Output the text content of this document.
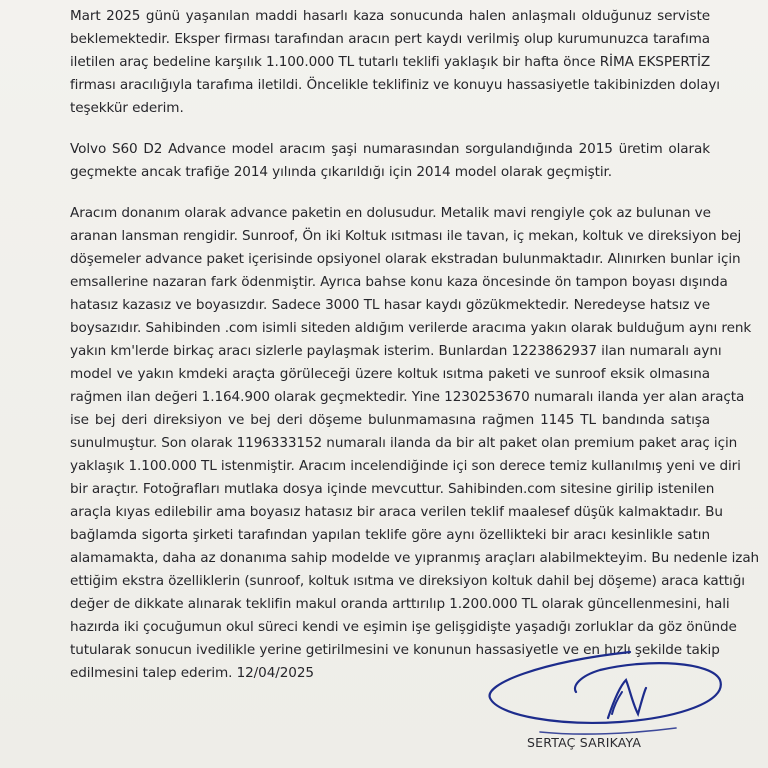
Mart 2025 günü yaşanılan maddi hasarlı kaza sonucunda halen anlaşmalı olduğunuz serviste
beklemektedir. Eksper firması tarafından aracın pert kaydı verilmiş olup kurumunuzca tarafıma
iletilen araç bedeline karşılık 1.100.000 TL tutarlı teklifi yaklaşık bir hafta önce RİMA EKSPERTİZ
firması aracılığıyla tarafıma iletildi. Öncelikle teklifiniz ve konuyu hassasiyetle takibinizden dolayı
teşekkür ederim.
Volvo S60 D2 Advance model aracım şaşi numarasından sorgulandığında 2015 üretim olarak
geçmekte ancak trafiğe 2014 yılında çıkarıldığı için 2014 model olarak geçmiştir.
Aracım donanım olarak advance paketin en dolusudur. Metalik mavi rengiyle çok az bulunan ve
aranan lansman rengidir. Sunroof, Ön iki Koltuk ısıtması ile tavan, iç mekan, koltuk ve direksiyon bej
döşemeler advance paket içerisinde opsiyonel olarak ekstradan bulunmaktadır. Alınırken bunlar için
emsallerine nazaran fark ödenmiştir. Ayrıca bahse konu kaza öncesinde ön tampon boyası dışında
hatasız kazasız ve boyasızdır. Sadece 3000 TL hasar kaydı gözükmektedir. Neredeyse hatsız ve
boysazıdır. Sahibinden .com isimli siteden aldığım verilerde aracıma yakın olarak bulduğum aynı renk
yakın km'lerde birkaç aracı sizlerle paylaşmak isterim. Bunlardan 1223862937 ilan numaralı aynı
model ve yakın kmdeki araçta görüleceği üzere koltuk ısıtma paketi ve sunroof eksik olmasına
rağmen ilan değeri 1.164.900 olarak geçmektedir. Yine 1230253670 numaralı ilanda yer alan araçta
ise bej deri direksiyon ve bej deri döşeme bulunmamasına rağmen 1145 TL bandında satışa
sunulmuştur. Son olarak 1196333152 numaralı ilanda da bir alt paket olan premium paket araç için
yaklaşık 1.100.000 TL istenmiştir. Aracım incelendiğinde içi son derece temiz kullanılmış yeni ve diri
bir araçtır. Fotoğrafları mutlaka dosya içinde mevcuttur. Sahibinden.com sitesine girilip istenilen
araçla kıyas edilebilir ama boyasız hatasız bir araca verilen teklif maalesef düşük kalmaktadır. Bu
bağlamda sigorta şirketi tarafından yapılan teklife göre aynı özellikteki bir aracı kesinlikle satın
alamamakta, daha az donanıma sahip modelde ve yıpranmış araçları alabilmekteyim. Bu nedenle izah
ettiğim ekstra özelliklerin (sunroof, koltuk ısıtma ve direksiyon koltuk dahil bej döşeme) araca kattığı
değer de dikkate alınarak teklifin makul oranda arttırılıp 1.200.000 TL olarak güncellenmesini, hali
hazırda iki çocuğumun okul süreci kendi ve eşimin işe gelişgidişte yaşadığı zorluklar da göz önünde
tutularak sonucun ivedilikle yerine getirilmesini ve konunun hassasiyetle ve en hızlı şekilde takip
edilmesini talep ederim. 12/04/2025
SERTAÇ SARIKAYA
